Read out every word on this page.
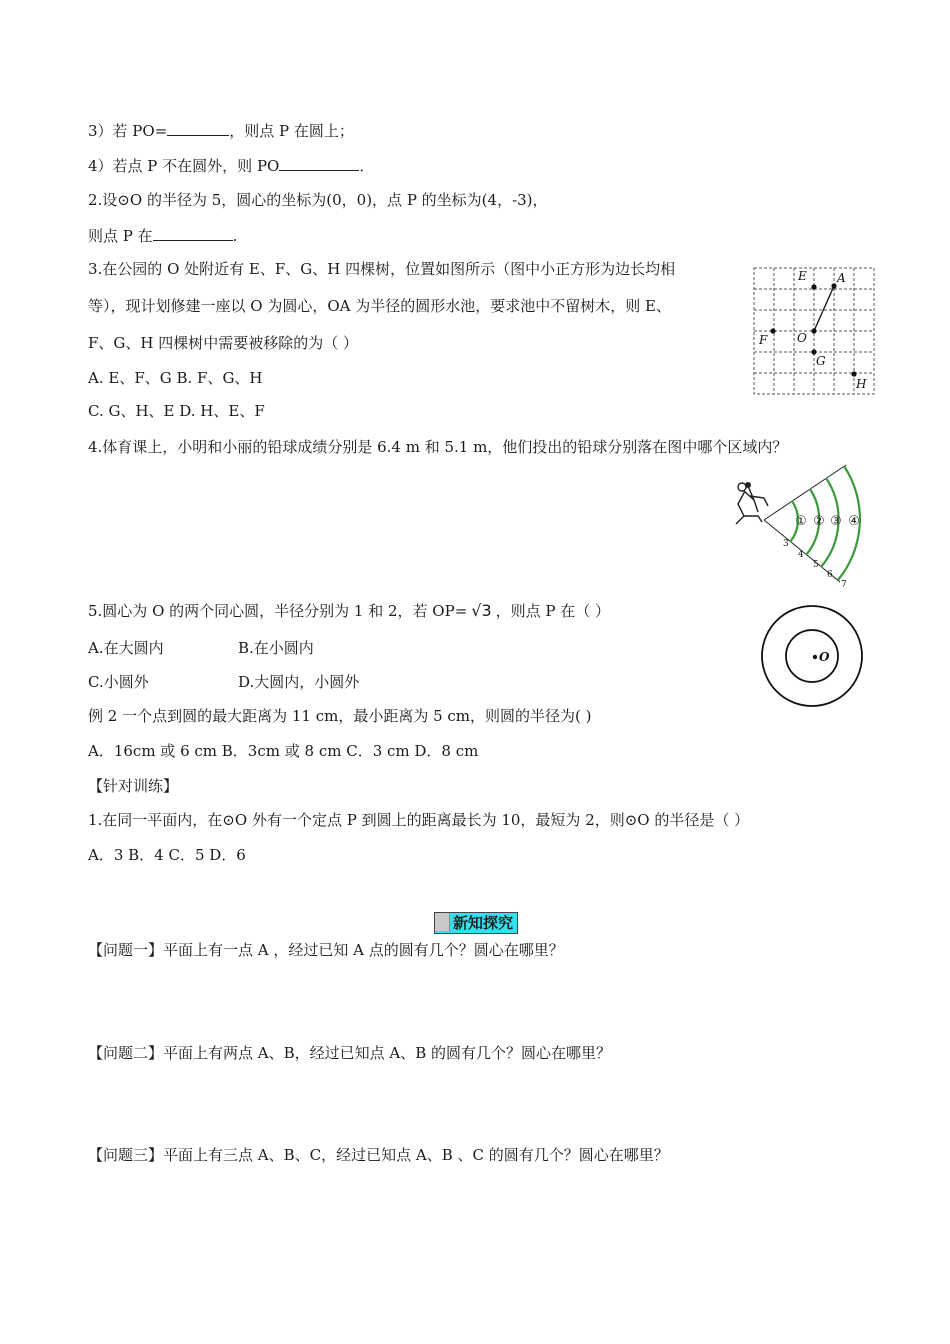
3）若 PO=	，则点 P 在圆上；
4）若点 P 不在圆外，则 PO	．
2.设⊙O 的半径为 5，圆心的坐标为(0，0)，点 P 的坐标为(4，-3)，
则点 P 在	.
3.在公园的 O 处附近有 E、F、G、H 四棵树，位置如图所示（图中小正方形为边长均相
等），现计划修建一座以 O 为圆心，OA 为半径的圆形水池，要求池中不留树木，则 E、
F、G、H 四棵树中需要被移除的为（ ）
A. E、F、G B. F、G、H
C. G、H、E D. H、E、F
4.体育课上，小明和小丽的铅球成绩分别是 6.4 m 和 5.1 m，他们投出的铅球分别落在图中哪个区域内？
5.圆心为 O 的两个同心圆，半径分别为 1 和 2，若 OP= √3 ，则点 P 在（ ）
A.在大圆内	B.在小圆内
C.小圆外	D.大圆内，小圆外
例 2 一个点到圆的最大距离为 11 cm，最小距离为 5 cm，则圆的半径为( )
A．16cm 或 6 cm B．3cm 或 8 cm C．3 cm D．8 cm
【针对训练】
1.在同一平面内，在⊙O 外有一个定点 P 到圆上的距离最长为 10，最短为 2，则⊙O 的半径是（ ）
A．3 B．4 C．5 D．6
新知探究
【问题一】平面上有一点 A ，经过已知 A 点的圆有几个？圆心在哪里？
【问题二】平面上有两点 A、B，经过已知点 A、B 的圆有几个？圆心在哪里？
【问题三】平面上有三点 A、B、C，经过已知点 A、B 、C 的圆有几个？圆心在哪里？
E	A
O
F
G
H
① ② ③ ④
3
4
5
6
7
O
